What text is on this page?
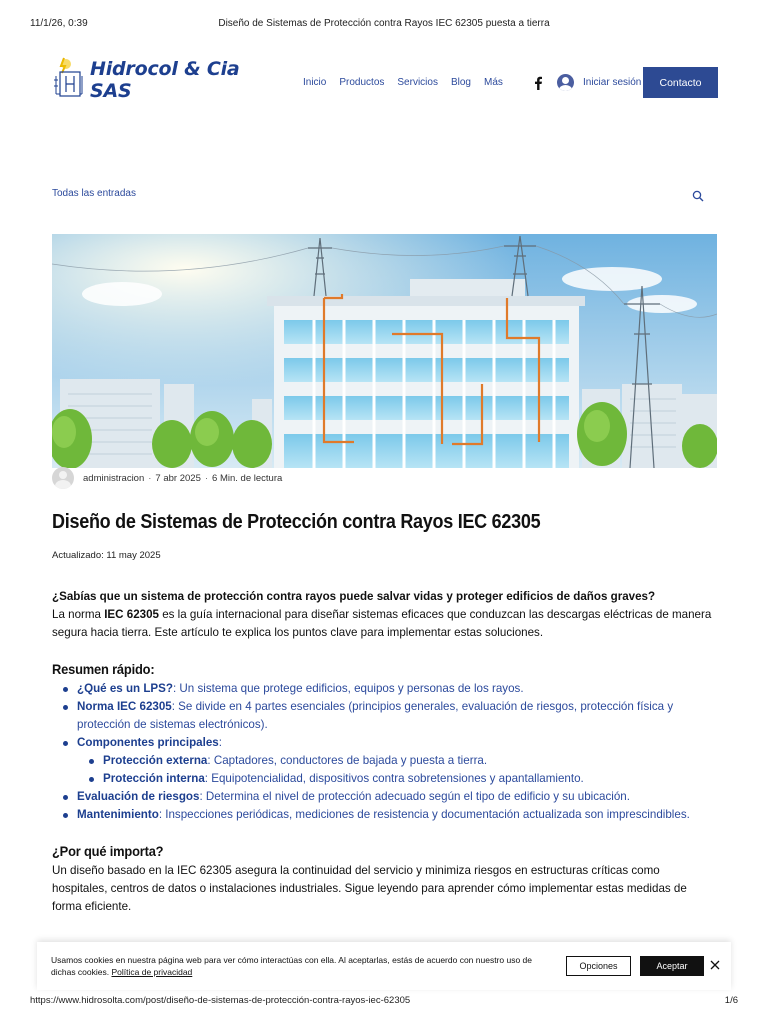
11/1/26, 0:39	Diseño de Sistemas de Protección contra Rayos IEC 62305 puesta a tierra
Hidrocol & Cia SAS	Inicio Productos Servicios Blog Más	Iniciar sesión	Contacto
Todas las entradas
administracion · 7 abr 2025 · 6 Min. de lectura
Diseño de Sistemas de Protección contra Rayos IEC 62305
Actualizado: 11 may 2025

¿Sabías que un sistema de protección contra rayos puede salvar vidas y proteger edificios de daños graves?

La norma IEC 62305 es la guía internacional para diseñar sistemas eficaces que conduzcan las descargas eléctricas de manera segura hacia tierra. Este artículo te explica los puntos clave para implementar estas soluciones.

Resumen rápido:
¿Qué es un LPS?: Un sistema que protege edificios, equipos y personas de los rayos.
Norma IEC 62305: Se divide en 4 partes esenciales (principios generales, evaluación de riesgos, protección física y protección de sistemas electrónicos).
Componentes principales:
Protección externa: Captadores, conductores de bajada y puesta a tierra.
Protección interna: Equipotencialidad, dispositivos contra sobretensiones y apantallamiento.
Evaluación de riesgos: Determina el nivel de protección adecuado según el tipo de edificio y su ubicación.
Mantenimiento: Inspecciones periódicas, mediciones de resistencia y documentación actualizada son imprescindibles.
¿Por qué importa?

Un diseño basado en la IEC 62305 asegura la continuidad del servicio y minimiza riesgos en estructuras críticas como hospitales, centros de datos o instalaciones industriales. Sigue leyendo para aprender cómo implementar estas medidas de forma eficiente.

Usamos cookies en nuestra página web para ver cómo interactúas con ella. Al aceptarlas, estás de acuerdo con nuestro uso de dichas cookies. Política de privacidad
Opciones	Aceptar
https://www.hidrosolta.com/post/diseño-de-sistemas-de-protección-contra-rayos-iec-62305	1/6
